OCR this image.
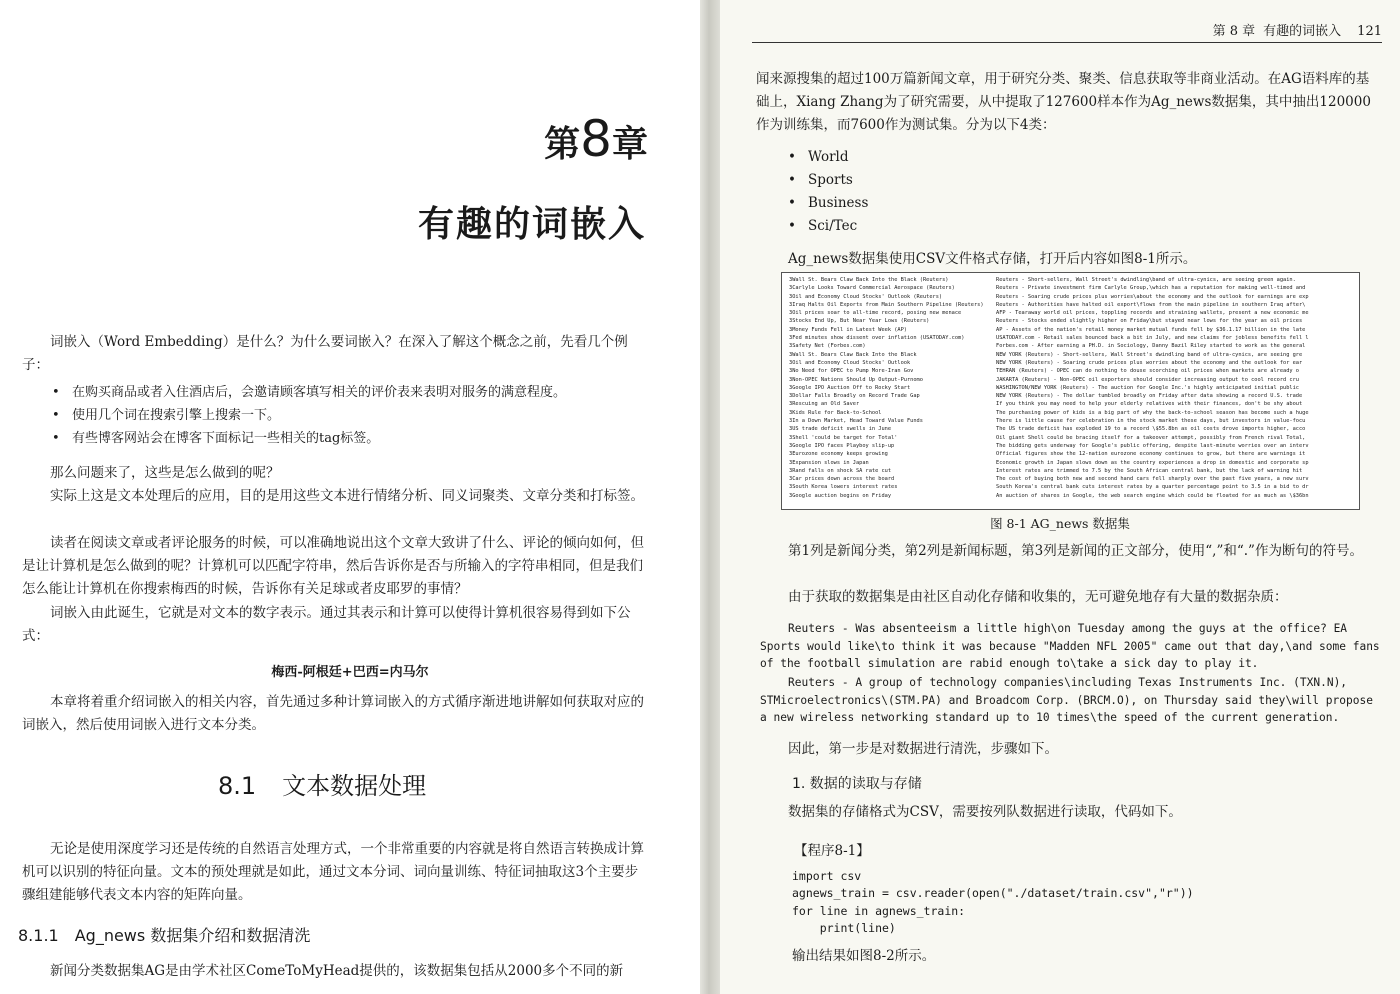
第8章
有趣的词嵌入

词嵌入（Word Embedding）是什么？为什么要词嵌入？在深入了解这个概念之前，先看几个例子：

• 在购买商品或者入住酒店后，会邀请顾客填写相关的评价表来表明对服务的满意程度。
• 使用几个词在搜索引擎上搜索一下。
• 有些博客网站会在博客下面标记一些相关的tag标签。

那么问题来了，这些是怎么做到的呢？

实际上这是文本处理后的应用，目的是用这些文本进行情绪分析、同义词聚类、文章分类和打标签。

读者在阅读文章或者评论服务的时候，可以准确地说出这个文章大致讲了什么、评论的倾向如何，但是让计算机是怎么做到的呢？计算机可以匹配字符串，然后告诉你是否与所输入的字符串相同，但是我们怎么能让计算机在你搜索梅西的时候，告诉你有关足球或者皮耶罗的事情？

词嵌入由此诞生，它就是对文本的数字表示。通过其表示和计算可以使得计算机很容易得到如下公式：

梅西-阿根廷+巴西=内马尔

本章将着重介绍词嵌入的相关内容，首先通过多种计算词嵌入的方式循序渐进地讲解如何获取对应的词嵌入，然后使用词嵌入进行文本分类。

8.1 文本数据处理

无论是使用深度学习还是传统的自然语言处理方式，一个非常重要的内容就是将自然语言转换成计算机可以识别的特征向量。文本的预处理就是如此，通过文本分词、词向量训练、特征词抽取这3个主要步骤组建能够代表文本内容的矩阵向量。

8.1.1 Ag_news 数据集介绍和数据清洗

新闻分类数据集AG是由学术社区ComeToMyHead提供的，该数据集包括从2000多个不同的新

第 8 章 有趣的词嵌入 121

闻来源搜集的超过100万篇新闻文章，用于研究分类、聚类、信息获取等非商业活动。在AG语料库的基础上，Xiang Zhang为了研究需要，从中提取了127600样本作为Ag_news数据集，其中抽出120000作为训练集，而7600作为测试集。分为以下4类：

• World
• Sports
• Business
• Sci/Tec

Ag_news数据集使用CSV文件格式存储，打开后内容如图8-1所示。

3Wall St. Bears Claw Back Into the Black (Reuters)
3Carlyle Looks Toward Commercial Aerospace (Reuters)
3Oil and Economy Cloud Stocks' Outlook (Reuters)
3Iraq Halts Oil Exports from Main Southern Pipeline (Reuters)
3Oil prices soar to all-time record, posing new menace
3Stocks End Up, But Near Year Lows (Reuters)
3Money Funds Fell in Latest Week (AP)
3Fed minutes show dissent over inflation (USATODAY.com)
3Safety Net (Forbes.com)
3Wall St. Bears Claw Back Into the Black
3Oil and Economy Cloud Stocks' Outlook
3No Need for OPEC to Pump More-Iran Gov
3Non-OPEC Nations Should Up Output-Purnomo
3Google IPO Auction Off to Rocky Start
3Dollar Falls Broadly on Record Trade Gap
3Rescuing an Old Saver
3Kids Rule for Back-to-School
3In a Down Market, Head Toward Value Funds
3US trade deficit swells in June
3Shell 'could be target for Total'
3Google IPO faces Playboy slip-up
3Eurozone economy keeps growing
3Expansion slows in Japan
3Rand falls on shock SA rate cut
3Car prices down across the board
3South Korea lowers interest rates
3Google auction begins on Friday
Reuters - Short-sellers, Wall Street's dwindling\band of ultra-cynics, are seeing green again.
Reuters - Private investment firm Carlyle Group,\which has a reputation for making well-timed and
Reuters - Soaring crude prices plus worries\about the economy and the outlook for earnings are exp
Reuters - Authorities have halted oil export\flows from the main pipeline in southern Iraq after\
AFP - Tearaway world oil prices, toppling records and straining wallets, present a new economic me
Reuters - Stocks ended slightly higher on Friday\but stayed near lows for the year as oil prices
AP - Assets of the nation's retail money market mutual funds fell by $36.1.17 billion in the late
USATODAY.com - Retail sales bounced back a bit in July, and new claims for jobless benefits fell l
Forbes.com - After earning a PH.D. in Sociology, Danny Bazil Riley started to work as the general
NEW YORK (Reuters) - Short-sellers, Wall Street's dwindling band of ultra-cynics, are seeing gre
NEW YORK (Reuters) - Soaring crude prices plus worries about the economy and the outlook for ear
TEHRAN (Reuters) - OPEC can do nothing to douse scorching oil prices when markets are already o
JAKARTA (Reuters) - Non-OPEC oil exporters should consider increasing output to cool record cru
WASHINGTON/NEW YORK (Reuters) - The auction for Google Inc.'s highly anticipated initial public
NEW YORK (Reuters) - The dollar tumbled broadly on Friday after data showing a record U.S. trade
If you think you may need to help your elderly relatives with their finances, don't be shy about
The purchasing power of kids is a big part of why the back-to-school season has become such a huge
There is little cause for celebration in the stock market these days, but investors in value-focu
The US trade deficit has exploded 19 to a record \$55.8bn as oil costs drove imports higher, acco
Oil giant Shell could be bracing itself for a takeover attempt, possibly from French rival Total,
The bidding gets underway for Google's public offering, despite last-minute worries over an interv
Official figures show the 12-nation eurozone economy continues to grow, but there are warnings it
Economic growth in Japan slows down as the country experiences a drop in domestic and corporate sp
Interest rates are trimmed to 7.5 by the South African central bank, but the lack of warning hit
The cost of buying both new and second hand cars fell sharply over the past five years, a new surv
South Korea's central bank cuts interest rates by a quarter percentage point to 3.5 in a bid to dr
An auction of shares in Google, the web search engine which could be floated for as much as \$36bn
图 8-1 AG_news 数据集

第1列是新闻分类，第2列是新闻标题，第3列是新闻的正文部分，使用“,”和“.”作为断句的符号。

由于获取的数据集是由社区自动化存储和收集的，无可避免地存有大量的数据杂质：

Reuters - Was absenteeism a little high\on Tuesday among the guys at the office? EA Sports would like\to think it was because "Madden NFL 2005" came out that day,\and some fans of the football simulation are rabid enough to\take a sick day to play it.

Reuters - A group of technology companies\including Texas Instruments Inc. (TXN.N), STMicroelectronics\(STM.PA) and Broadcom Corp. (BRCM.O), on Thursday said they\will propose a new wireless networking standard up to 10 times\the speed of the current generation.

因此，第一步是对数据进行清洗，步骤如下。

1. 数据的读取与存储

数据集的存储格式为CSV，需要按列队数据进行读取，代码如下。

【程序8-1】
import csv
agnews_train = csv.reader(open("./dataset/train.csv","r"))
for line in agnews_train:
print(line)

输出结果如图8-2所示。
